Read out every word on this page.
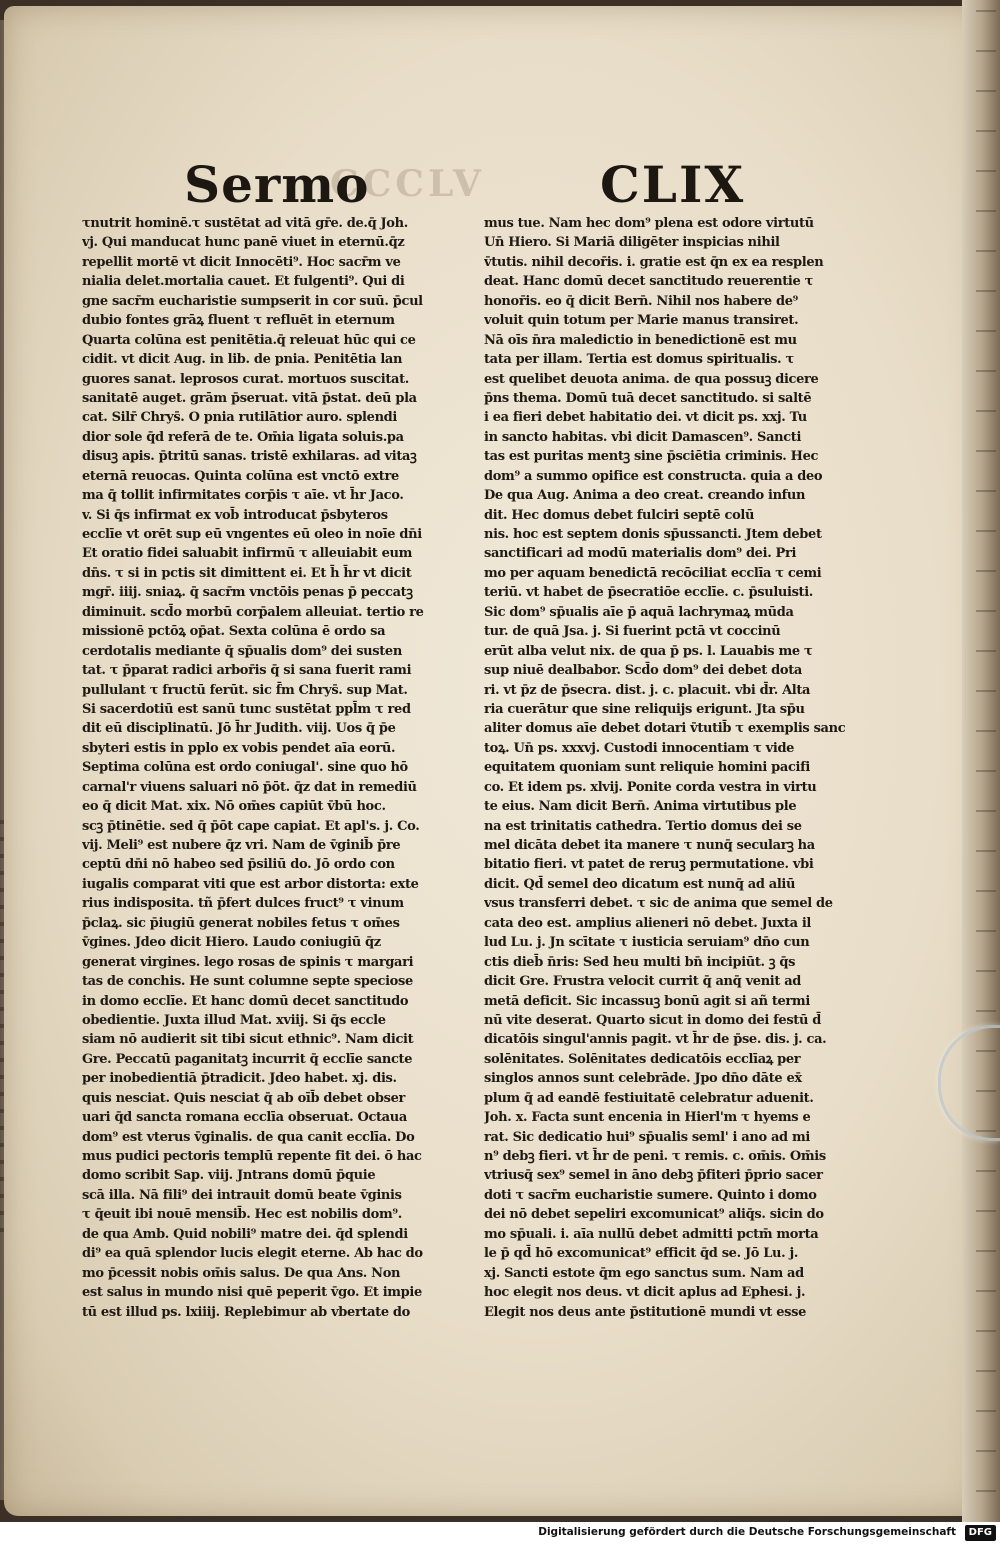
CCCLV
Sermo	CLIX
τnutrit hominē.τ sustētat ad vitā gr̄e. de.q̄ Joh.
vj. Qui manducat hunc panē viuet in eternū.q̄z
repellit mortē vt dicit Innocēti⁹. Hoc sacr̄m ve
nialia delet.mortalia cauet. Et fulgenti⁹. Qui di
gne sacr̄m eucharistie sumpserit in cor suū. p̄cul
dubio fontes grāꝝ fluent τ refluēt in eternum
Quarta colūna est penitētia.q̄ releuat hūc qui ce
cidit. vt dicit Aug. in lib. de pnia. Penitētia lan
guores sanat. leprosos curat. mortuos suscitat.
sanitatē auget. grām p̄seruat. vitā p̄stat. deū pla
cat. Silr̄ Chrys̄. O pnia rutilātior auro. splendi
dior sole q̄d referā de te. Om̄ia ligata soluis.pa
disuꝫ apis. p̄tritū sanas. tristē exhilaras. ad vitaꝫ
eternā reuocas. Quinta colūna est vnctō extre
ma q̄ tollit infirmitates corp̄is τ aīe. vt h̄r Jaco.
v. Si q̄s infirmat ex vob̄ introducat p̄sbyteros
ecclīe vt orēt sup eū vngentes eū oleo in noīe dn̄i
Et oratio fidei saluabit infirmū τ alleuiabit eum
dn̄s. τ si in pctis sit dimittent ei. Et h̄ h̄r vt dicit
mgr̄. iiij. sniaꝝ. q̄ sacr̄m vnctōis penas p̄ peccatꝫ
diminuit. scd̄o morbū corp̄alem alleuiat. tertio re
missionē pctōꝝ op̄at. Sexta colūna ē ordo sa
cerdotalis mediante q̄ sp̄ualis dom⁹ dei susten
tat. τ p̄parat radici arbor̄is q̄ si sana fuerit rami
pullulant τ fructū ferūt. sic f̄m Chrys̄. sup Mat.
Si sacerdotiū est sanū tunc sustētat ppl̄m τ red
dit eū disciplinatū. Jō h̄r Judith. viij. Uos q̄ p̄e
sbyteri estis in pplo ex vobis pendet aīa eorū.
Septima colūna est ordo coniugal'. sine quo hō
carnal'r viuens saluari nō p̄ōt. q̄z dat in remediū
eo q̄ dicit Mat. xix. Nō om̄es capiūt v̄bū hoc.
scꝫ p̄tinētie. sed q̄ p̄ōt cape capiat. Et apl's. j. Co.
vij. Meli⁹ est nubere q̄z vri. Nam de v̄ginib̄ p̄re
ceptū dn̄i nō habeo sed p̄siliū do. Jō ordo con
iugalis comparat viti que est arbor distorta: exte
rius indisposita. tñ p̄fert dulces fruct⁹ τ vinum
p̄claꝝ. sic p̄iugiū generat nobiles fetus τ om̄es
v̄gines. Jdeo dicit Hiero. Laudo coniugiū q̄z
generat virgines. lego rosas de spinis τ margari
tas de conchis. He sunt columne septe speciose
in domo ecclīe. Et hanc domū decet sanctitudo
obedientie. Juxta illud Mat. xviij. Si q̄s eccle
siam nō audierit sit tibi sicut ethnic⁹. Nam dicit
Gre. Peccatū paganitatꝫ incurrit q̄ ecclīe sancte
per inobedientiā p̄tradicit. Jdeo habet. xj. dis.
quis nesciat. Quis nesciat q̄ ab oīb̄ debet obser
uari q̄d sancta romana ecclīa obseruat. Octaua
dom⁹ est vterus v̄ginalis. de qua canit ecclīa. Do
mus pudici pectoris templū repente fit dei. ō hac
domo scribit Sap. viij. Jntrans domū p̄quie
scā illa. Nā fili⁹ dei intrauit domū beate v̄ginis
τ q̄euit ibi nouē mensib̄. Hec est nobilis dom⁹.
de qua Amb. Quid nobili⁹ matre dei. q̄d splendi
di⁹ ea quā splendor lucis elegit eterne. Ab hac do
mo p̄cessit nobis om̄is salus. De qua Ans. Non
est salus in mundo nisi quē peperit v̄go. Et impie
tū est illud ps. lxiiij. Replebimur ab vbertate do
mus tue. Nam hec dom⁹ plena est odore virtutū
Un̄ Hiero. Si Mariā diligēter inspicias nihil
v̄tutis. nihil decor̄is. i. gratie est q̄n ex ea resplen
deat. Hanc domū decet sanctitudo reuerentie τ
honor̄is. eo q̄ dicit Bern̄. Nihil nos habere de⁹
voluit quin totum per Marie manus transiret.
Nā oīs n̄ra maledictio in benedictionē est mu
tata per illam. Tertia est domus spiritualis. τ
est quelibet deuota anima. de qua possuꝫ dicere
p̄ns thema. Domū tuā decet sanctitudo. si saltē
i ea fieri debet habitatio dei. vt dicit ps. xxj. Tu
in sancto habitas. vbi dicit Damascen⁹. Sancti
tas est puritas mentꝫ sine p̄sciētia criminis. Hec
dom⁹ a summo opifice est constructa. quia a deo
De qua Aug. Anima a deo creat. creando infun
dit. Hec domus debet fulciri septē colū
nis. hoc est septem donis sp̄ussancti. Jtem debet
sanctificari ad modū materialis dom⁹ dei. Pri
mo per aquam benedictā recōciliat ecclīa τ cemi
teriū. vt habet de p̄secratiōe ecclīe. c. p̄suluisti.
Sic dom⁹ sp̄ualis aīe p̄ aquā lachrymaꝝ mūda
tur. de quā Jsa. j. Si fuerint pctā vt coccinū
erūt alba velut nix. de qua p̄ ps. l. Lauabis me τ
sup niuē dealbabor. Scd̄o dom⁹ dei debet dota
ri. vt p̄z de p̄secra. dist. j. c. placuit. vbi d̄r. Alta
ria cuerātur que sine reliquijs erigunt. Jta sp̄u
aliter domus aīe debet dotari v̄tutib̄ τ exemplis sanc
toꝝ. Un̄ ps. xxxvj. Custodi innocentiam τ vide
equitatem quoniam sunt reliquie homini pacifi
co. Et idem ps. xlvij. Ponite corda vestra in virtu
te eius. Nam dicit Bern̄. Anima virtutibus ple
na est trinitatis cathedra. Tertio domus dei se
mel dicāta debet ita manere τ nunq̄ secularꝫ ha
bitatio fieri. vt patet de reruꝫ permutatione. vbi
dicit. Qd̄ semel deo dicatum est nunq̄ ad aliū
vsus transferri debet. τ sic de anima que semel de
cata deo est. amplius alieneri nō debet. Juxta il
lud Lu. j. Jn scītate τ iusticia seruiam⁹ dn̄o cun
ctis dieb̄ n̄ris: Sed heu multi bn̄ incipiūt. ꝫ q̄s
dicit Gre. Frustra velocit currit q̄ anq̄ venit ad
metā deficit. Sic incassuꝫ bonū agit si añ termi
nū vite deserat. Quarto sicut in domo dei festū d̄
dicatōis singul'annis pagit. vt h̄r de p̄se. dis. j. ca.
solēnitates. Solēnitates dedicatōis ecclīaꝝ per
singlos annos sunt celebrāde. Jpo dn̄o dāte ex̄
plum q̄ ad eandē festiuitatē celebratur aduenit.
Joh. x. Facta sunt encenia in Hierl'm τ hyems e
rat. Sic dedicatio hui⁹ sp̄ualis seml' i ano ad mi
n⁹ debꝫ fieri. vt h̄r de peni. τ remis. c. om̄is. Om̄is
vtriusq̄ sex⁹ semel in āno debꝫ p̄fiteri p̄prio sacer
doti τ sacr̄m eucharistie sumere. Quinto i domo
dei nō debet sepeliri excomunicat⁹ aliq̄s. sicin do
mo sp̄uali. i. aīa nullū debet admitti pctm̄ morta
le p̄ qd̄ hō excomunicat⁹ efficit q̄d se. Jō Lu. j.
xj. Sancti estote q̄m ego sanctus sum. Nam ad
hoc elegit nos deus. vt dicit aplus ad Ephesi. j.
Elegit nos deus ante p̄stitutionē mundi vt esse
Digitalisierung gefördert durch die Deutsche Forschungsgemeinschaft	DFG
